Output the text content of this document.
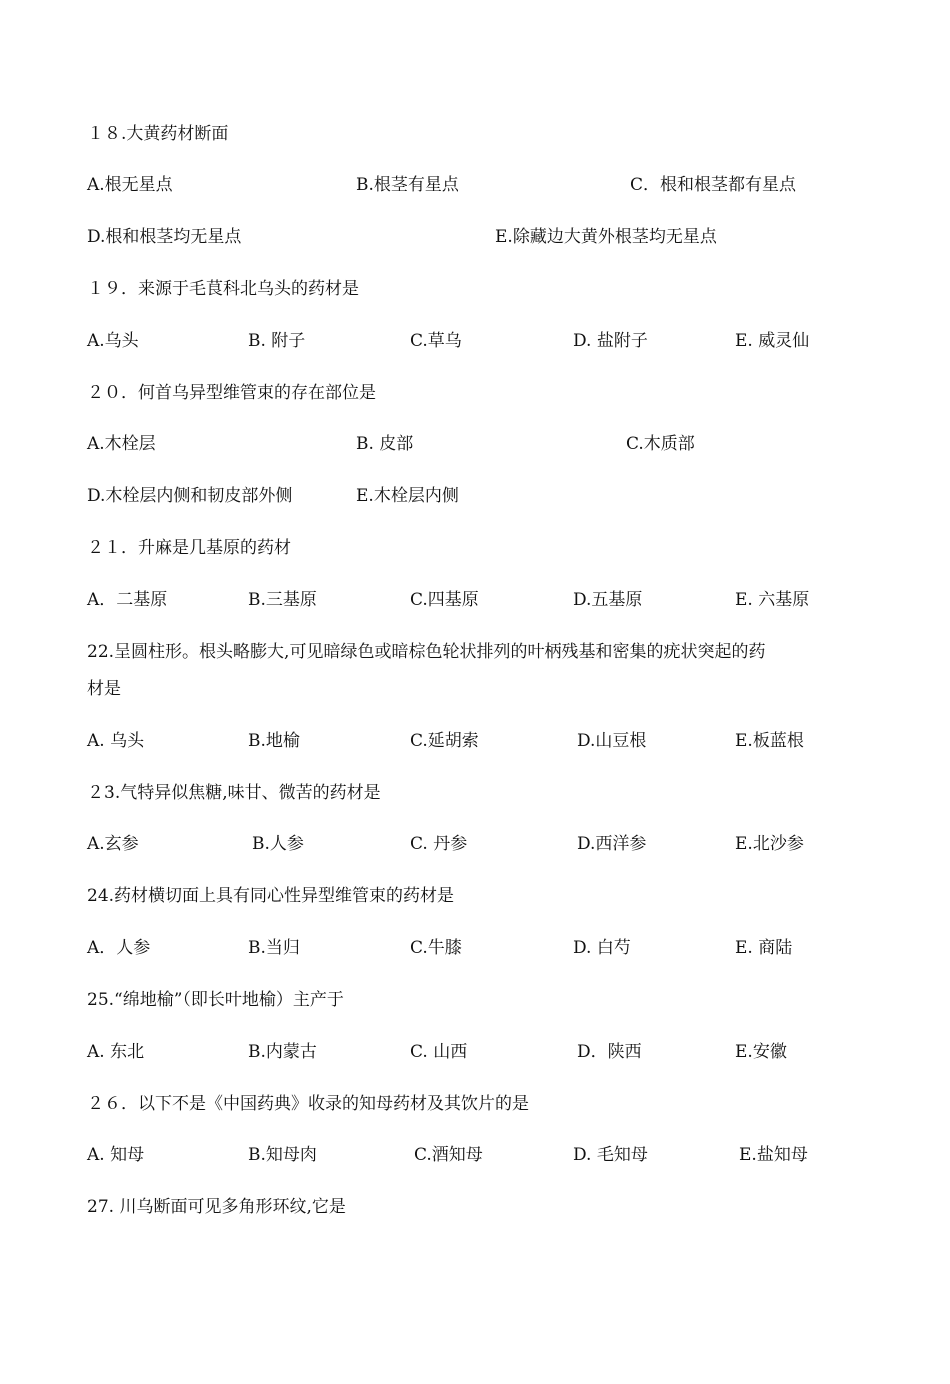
１８.大黄药材断面
A.根无星点	B.根茎有星点	C．根和根茎都有星点
D.根和根茎均无星点	E.除藏边大黄外根茎均无星点
１９．来源于毛茛科北乌头的药材是
A.乌头	B. 附子	C.草乌	D. 盐附子	E. 威灵仙
２０．何首乌异型维管束的存在部位是
A.木栓层	B. 皮部	C.木质部
D.木栓层内侧和韧皮部外侧	E.木栓层内侧
２１．升麻是几基原的药材
A．二基原	B.三基原	C.四基原	D.五基原	E. 六基原
22.呈圆柱形。根头略膨大,可见暗绿色或暗棕色轮状排列的叶柄残基和密集的疣状突起的药
材是
A. 乌头	B.地榆	C.延胡索	D.山豆根	E.板蓝根
２3.气特异似焦糖,味甘、微苦的药材是
A.玄参	B.人参	C. 丹参	D.西洋参	E.北沙参
24.药材横切面上具有同心性异型维管束的药材是
A．人参	B.当归	C.牛膝	D. 白芍	E. 商陆
25.“绵地榆”（即长叶地榆）主产于
A. 东北	B.内蒙古	C. 山西	D．陕西	E.安徽
２６．以下不是《中国药典》收录的知母药材及其饮片的是
A. 知母	B.知母肉	C.酒知母	D. 毛知母	E.盐知母
27. 川乌断面可见多角形环纹,它是
